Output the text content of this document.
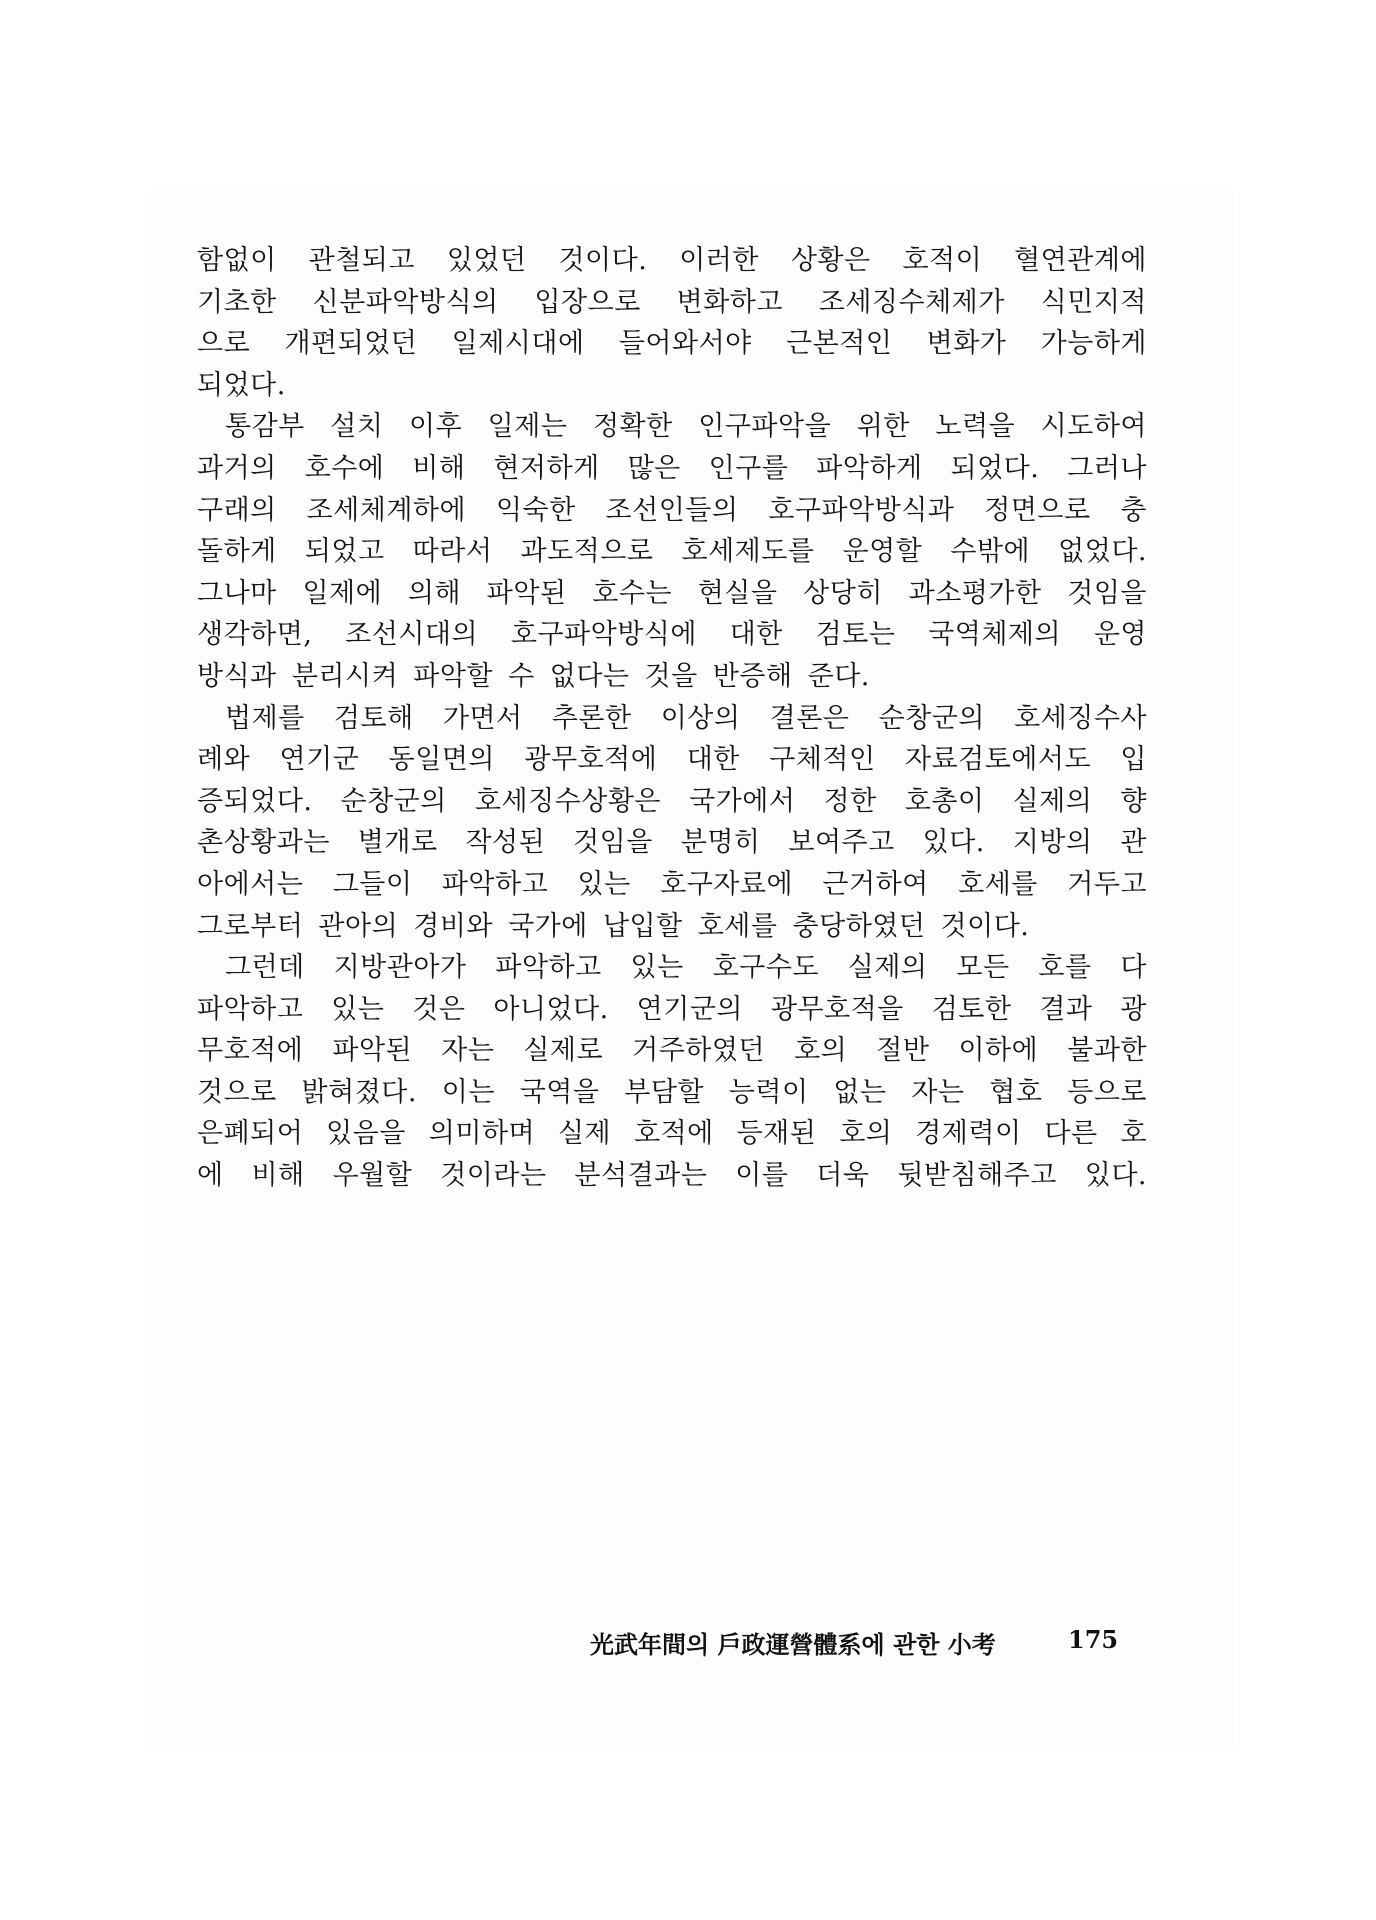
함없이 관철되고 있었던 것이다. 이러한 상황은 호적이 혈연관계에
기초한 신분파악방식의 입장으로 변화하고 조세징수체제가 식민지적
으로 개편되었던 일제시대에 들어와서야 근본적인 변화가 가능하게
되었다.
통감부 설치 이후 일제는 정확한 인구파악을 위한 노력을 시도하여
과거의 호수에 비해 현저하게 많은 인구를 파악하게 되었다. 그러나
구래의 조세체계하에 익숙한 조선인들의 호구파악방식과 정면으로 충
돌하게 되었고 따라서 과도적으로 호세제도를 운영할 수밖에 없었다.
그나마 일제에 의해 파악된 호수는 현실을 상당히 과소평가한 것임을
생각하면, 조선시대의 호구파악방식에 대한 검토는 국역체제의 운영
방식과 분리시켜 파악할 수 없다는 것을 반증해 준다.
법제를 검토해 가면서 추론한 이상의 결론은 순창군의 호세징수사
례와 연기군 동일면의 광무호적에 대한 구체적인 자료검토에서도 입
증되었다. 순창군의 호세징수상황은 국가에서 정한 호총이 실제의 향
촌상황과는 별개로 작성된 것임을 분명히 보여주고 있다. 지방의 관
아에서는 그들이 파악하고 있는 호구자료에 근거하여 호세를 거두고
그로부터 관아의 경비와 국가에 납입할 호세를 충당하였던 것이다.
그런데 지방관아가 파악하고 있는 호구수도 실제의 모든 호를 다
파악하고 있는 것은 아니었다. 연기군의 광무호적을 검토한 결과 광
무호적에 파악된 자는 실제로 거주하였던 호의 절반 이하에 불과한
것으로 밝혀졌다. 이는 국역을 부담할 능력이 없는 자는 협호 등으로
은폐되어 있음을 의미하며 실제 호적에 등재된 호의 경제력이 다른 호
에 비해 우월할 것이라는 분석결과는 이를 더욱 뒷받침해주고 있다.
光武年間의 戶政運營體系에 관한 小考	175
